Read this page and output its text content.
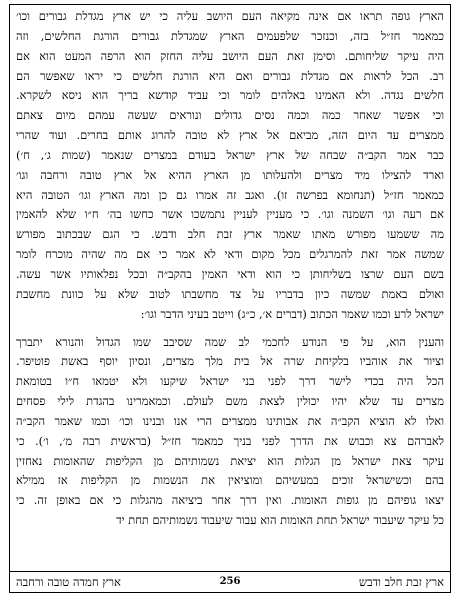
הארץ גופה תראו אם אינה מקיאה העם היושב עליה כי יש ארץ מגדלת גבורים וכו׳
כמאמר חז״ל בזה, וכנזכר שלפעמים הארץ שמגדלת גבורים הורגת החלשים, וזה
היה עיקר שליחותם. וסימן זאת העם היושב עליה החזק הוא הרפה המעט הוא אם
רב. הכל לראות אם מגדלת גבורים ואם היא הורגת חלשים כי יראו שאפשר הם
חלשים נגדה. ולא האמינו באלהים לומר וכי עביד קודשא בריך הוא ניסא לשקרא.
וכי אפשר שאחר כמה וכמה נסים גדולים ונוראים שעשה עמהם מיום צאתם
ממצרים עד היום הזה, מביאם אל ארץ לא טובה להרוג אותם בחרים. ועוד שהרי
כבר אמר הקב״ה שבחה של ארץ ישראל בעודם במצרים שנאמר (שמות ג׳, ח׳)
וארד להצילו מיד מצרים ולהעלותו מן הארץ ההיא אל ארץ טובה ורחבה וגו׳
כמאמר חז״ל (תנחומא בפרשה זו). ואגב זה אמרו גם כן ומה הארץ וגו׳ הטובה היא
אם רעה וגו׳ השמנה וגו׳. כי מעניין לעניין נתמשכו אשר כחשו בה׳ ח״ו שלא להאמין
מה ששמעו מפורש מאתו שאמר ארץ זבת חלב ודבש. כי הגם שבכתוב מפורש
שמשה אמר זאת להמרגלים מכל מקום ודאי לא אמר כי אם מה שהיה מוכרח לומר
בשם העם שרצו בשליחותן כי הוא ודאי האמין בהקב״ה ובכל נפלאותיו אשר עשה.
ואולם באמת שמשה כיון בדבריו על צד מחשבתו לטוב שלא על כוונת מחשבת
ישראל לרע וכמו שאמר הכתוב (דברים א׳, כ״ג) וייטב בעיני הדבר וגו׳:
והענין הוא, על פי הנודע לחכמי לב שמה שסיבב שמו הגדול והנורא יתברך
וציור את אוהביו בלקיחת שרה אל בית מלך מצרים, ונסיון יוסף באשת פוטיפר.
הכל היה בכדי לישר דרך לפני בני ישראל שיקעו ולא יטמאו ח״ו בטומאת
מצרים עד שלא יהיו יכולין לצאת משם לעולם. וכמאמרינו בהגדת לילי פסחים
ואלו לא הוציא הקב״ה את אבותינו ממצרים הרי אנו ובנינו וכו׳ וכמו שאמר הקב״ה
לאברהם צא וכבוש את הדרך לפני בניך כמאמר חז״ל (בראשית רבה מ׳, ו׳). כי
עיקר צאת ישראל מן הגלות הוא יציאת נשמותיהם מן הקליפות שהאומות נאחזין
בהם וכשישראל זוכים במעשיהם ומוציאין את הנשמות מן הקליפות אז ממילא
יצאו גופיהם מן גופות האומות. ואין דרך אחר ביציאה מהגלות כי אם באופן זה. כי
כל עיקר שיעבוד ישראל תחת האומות הוא עבור שיעבוד נשמותיהם תחת יד
ארץ זבת חלב ודבש
256
ארץ חמדה טובה ורחבה
